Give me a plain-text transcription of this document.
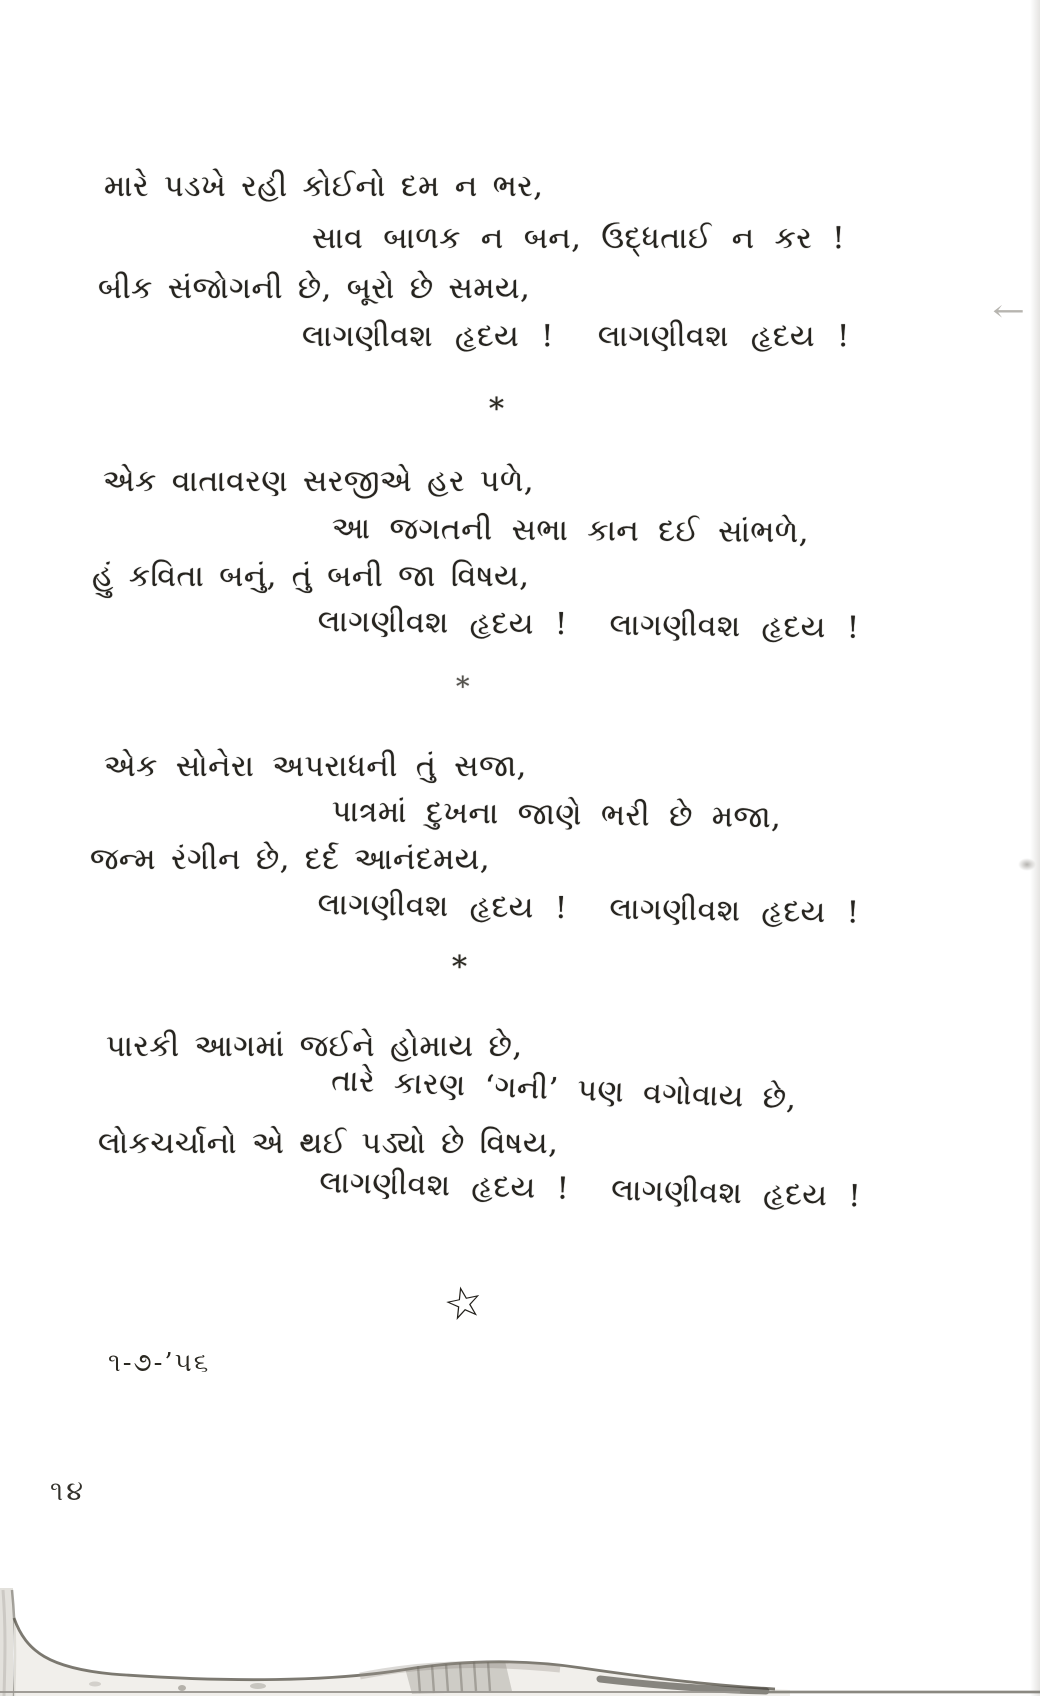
મારે પડખે રહી કોઈનો દમ ન ભર,
સાવ બાળક ન બન, ઉદ્ધતાઈ ન કર !
બીક સંજોગની છે, બૂરો છે સમય,
લાગણીવશ હૃદય !  લાગણીવશ હૃદય !
*
એક વાતાવરણ સરજીએ હર પળે,
આ જગતની સભા કાન દઈ સાંભળે,
હું કવિતા બનું, તું બની જા વિષય,
લાગણીવશ હૃદય !  લાગણીવશ હૃદય !
*
એક સોનેરા અપરાધની તું સજા,
પાત્રમાં દુખના જાણે ભરી છે મજા,
જન્મ રંગીન છે, દર્દ આનંદમય,
લાગણીવશ હૃદય !  લાગણીવશ હૃદય !
*
પારકી આગમાં જઈને હોમાય છે,
તારે કારણ ‘ગની’ પણ વગોવાય છે,
લોકચર્ચાનો એ થઈ પડ્યો છે વિષય,
લાગણીવશ હૃદય !  લાગણીવશ હૃદય !
૧-૭-’૫૬
☆
૧૪
←
